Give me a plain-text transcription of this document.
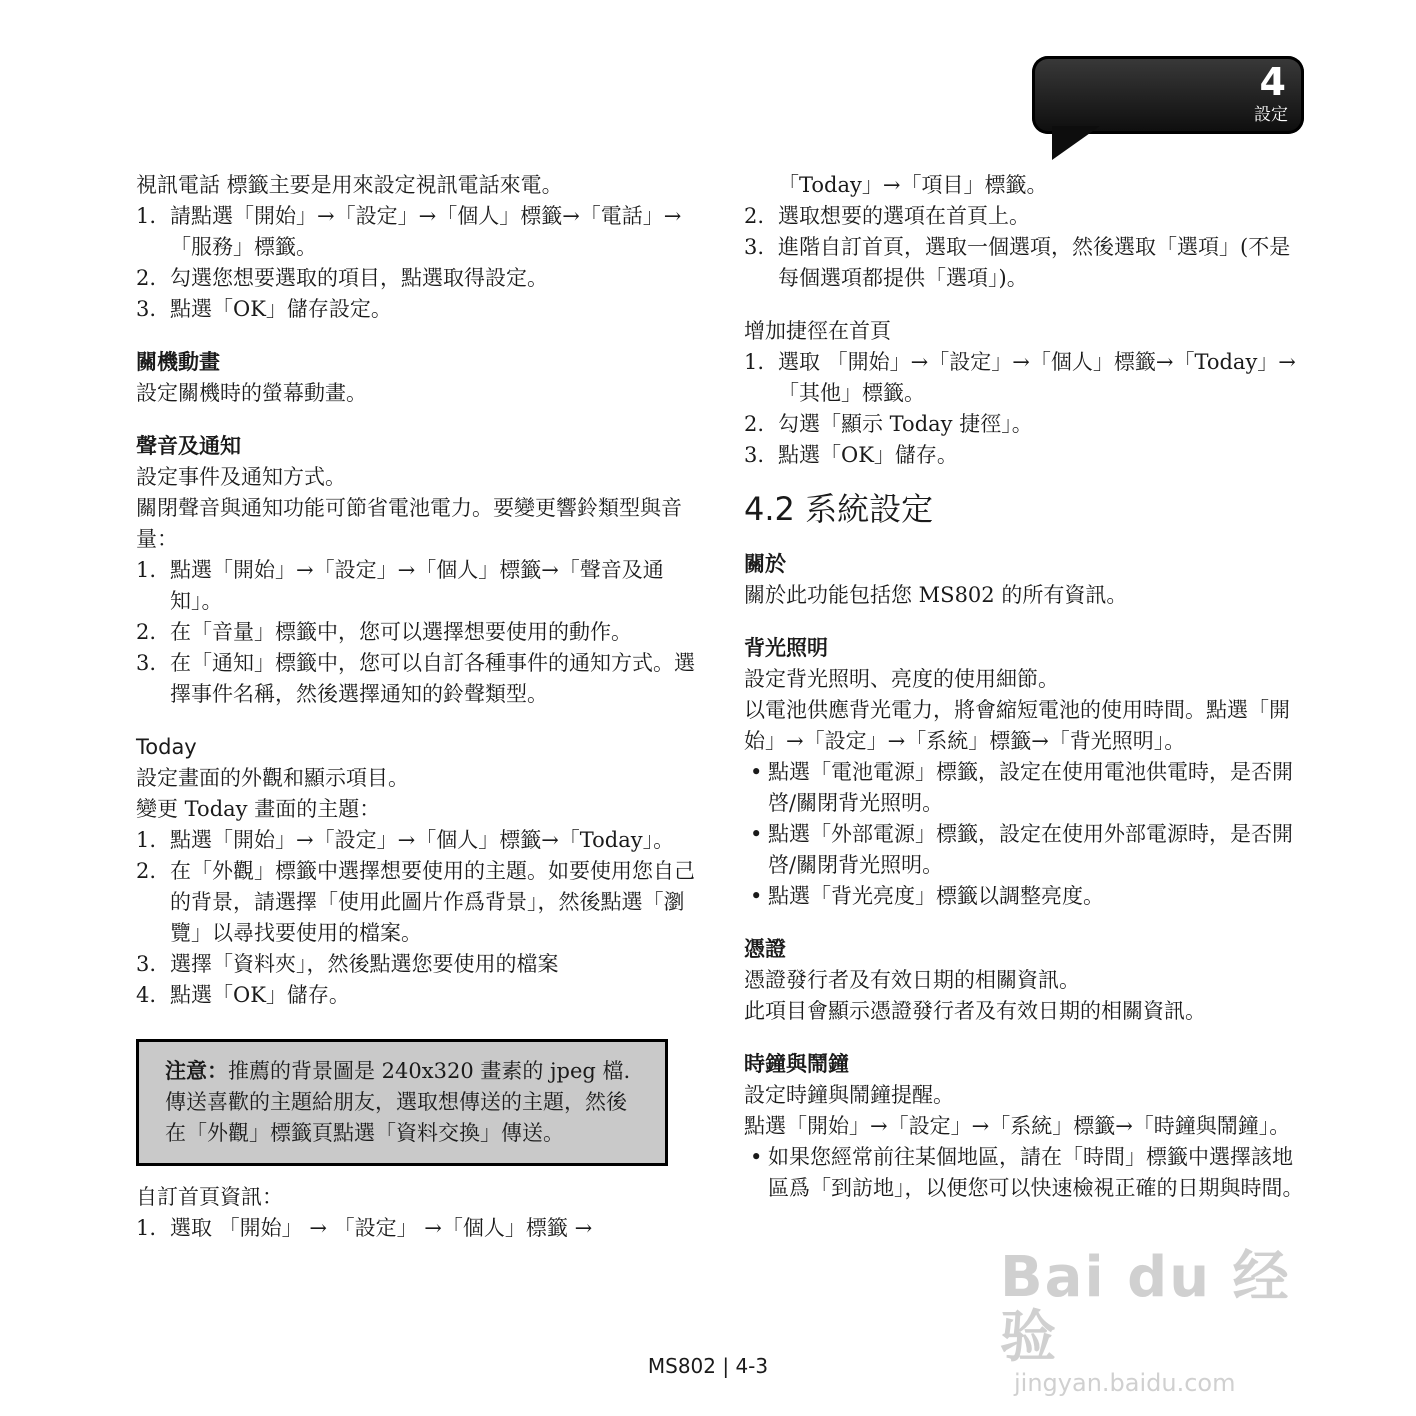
4
設定

視訊電話 標籤主要是用來設定視訊電話來電。

1. 請點選「開始」→「設定」→「個人」標籤→「電話」→「服務」標籤。
2. 勾選您想要選取的項目，點選取得設定。
3. 點選「OK」儲存設定。

關機動畫

設定關機時的螢幕動畫。

聲音及通知

設定事件及通知方式。

關閉聲音與通知功能可節省電池電力。要變更響鈴類型與音量：

1. 點選「開始」→「設定」→「個人」標籤→「聲音及通知」。
2. 在「音量」標籤中，您可以選擇想要使用的動作。
3. 在「通知」標籤中，您可以自訂各種事件的通知方式。選擇事件名稱，然後選擇通知的鈴聲類型。

Today

設定畫面的外觀和顯示項目。

變更 Today 畫面的主題：

1. 點選「開始」→「設定」→「個人」標籤→「Today」。
2. 在「外觀」標籤中選擇想要使用的主題。如要使用您自己的背景，請選擇「使用此圖片作爲背景」，然後點選「瀏覽」以尋找要使用的檔案。
3. 選擇「資料夾」，然後點選您要使用的檔案
4. 點選「OK」儲存。
注意：推薦的背景圖是 240x320 畫素的 jpeg 檔. 傳送喜歡的主題給朋友，選取想傳送的主題，然後在「外觀」標籤頁點選「資料交換」傳送。

自訂首頁資訊：

1. 選取 「開始」 → 「設定」 →「個人」標籤 →

「Today」→「項目」標籤。

2. 選取想要的選項在首頁上。
3. 進階自訂首頁，選取一個選項，然後選取「選項」(不是每個選項都提供「選項」)。

增加捷徑在首頁

1. 選取 「開始」→「設定」→「個人」標籤→「Today」→「其他」標籤。
2. 勾選「顯示 Today 捷徑」。
3. 點選「OK」儲存。

4.2 系統設定

關於

關於此功能包括您 MS802 的所有資訊。

背光照明

設定背光照明、亮度的使用細節。

以電池供應背光電力，將會縮短電池的使用時間。點選「開始」→「設定」→「系統」標籤→「背光照明」。

• 點選「電池電源」標籤，設定在使用電池供電時，是否開啓/關閉背光照明。
• 點選「外部電源」標籤，設定在使用外部電源時，是否開啓/關閉背光照明。
• 點選「背光亮度」標籤以調整亮度。

憑證

憑證發行者及有效日期的相關資訊。

此項目會顯示憑證發行者及有效日期的相關資訊。

時鐘與鬧鐘

設定時鐘與鬧鐘提醒。

點選「開始」→「設定」→「系統」標籤→「時鐘與鬧鐘」。

• 如果您經常前往某個地區，請在「時間」標籤中選擇該地區爲「到訪地」，以便您可以快速檢視正確的日期與時間。
Bai du 经验
jingyan.baidu.com
MS802 | 4-3
